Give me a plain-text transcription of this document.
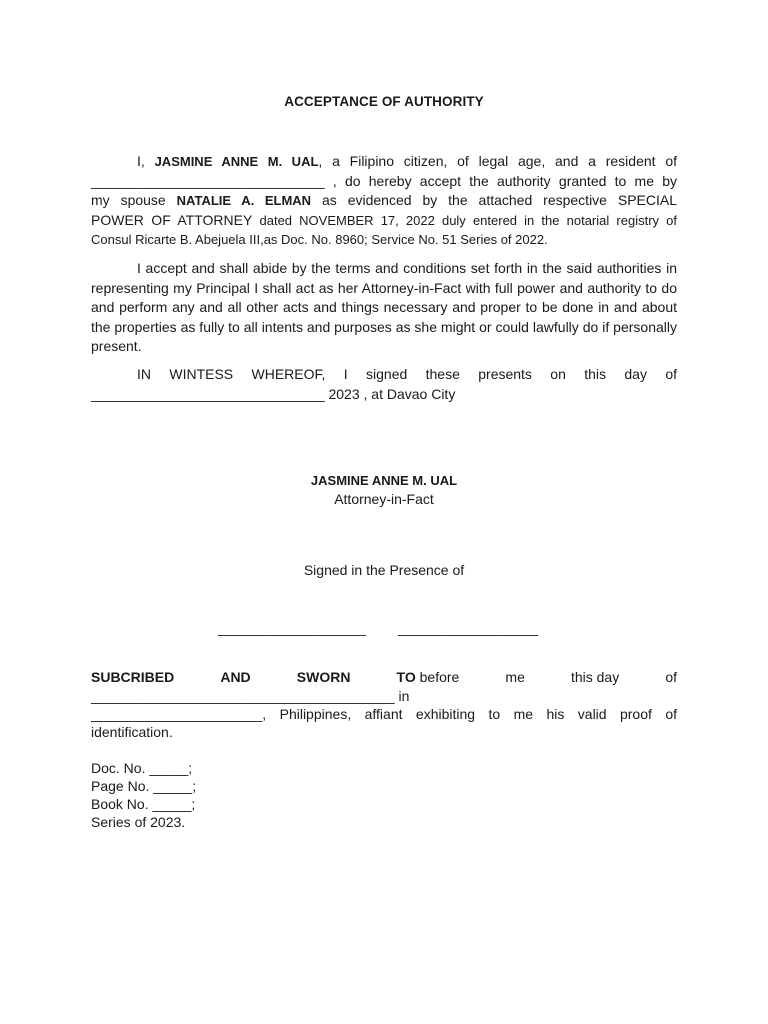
ACCEPTANCE OF AUTHORITY
I, JASMINE ANNE M. UAL, a Filipino citizen, of legal age, and a resident of
______________________________ , do hereby accept the authority granted to me by
my spouse NATALIE A. ELMAN as evidenced by the attached respective SPECIAL
POWER OF ATTORNEY dated NOVEMBER 17, 2022 duly entered in the notarial registry of
Consul Ricarte B. Abejuela III,as Doc. No. 8960; Service No. 51 Series of 2022.

I accept and shall abide by the terms and conditions set forth in the said authorities in representing my Principal I shall act as her Attorney-in-Fact with full power and authority to do and perform any and all other acts and things necessary and proper to be done in and about the properties as fully to all intents and purposes as she might or could lawfully do if personally present.

IN WINTESS WHEREOF, I signed these presents on this day of
______________________________ 2023 , at Davao City
JASMINE ANNE M. UAL
Attorney-in-Fact
Signed in the Presence of
___________________ __________________
SUBCRIBED	AND	SWORN	TO before	me	this day	of
_______________________________________ in
______________________, Philippines, affiant exhibiting to me his valid proof of
identification.
Doc. No. _____;
Page No. _____;
Book No. _____;
Series of 2023.
